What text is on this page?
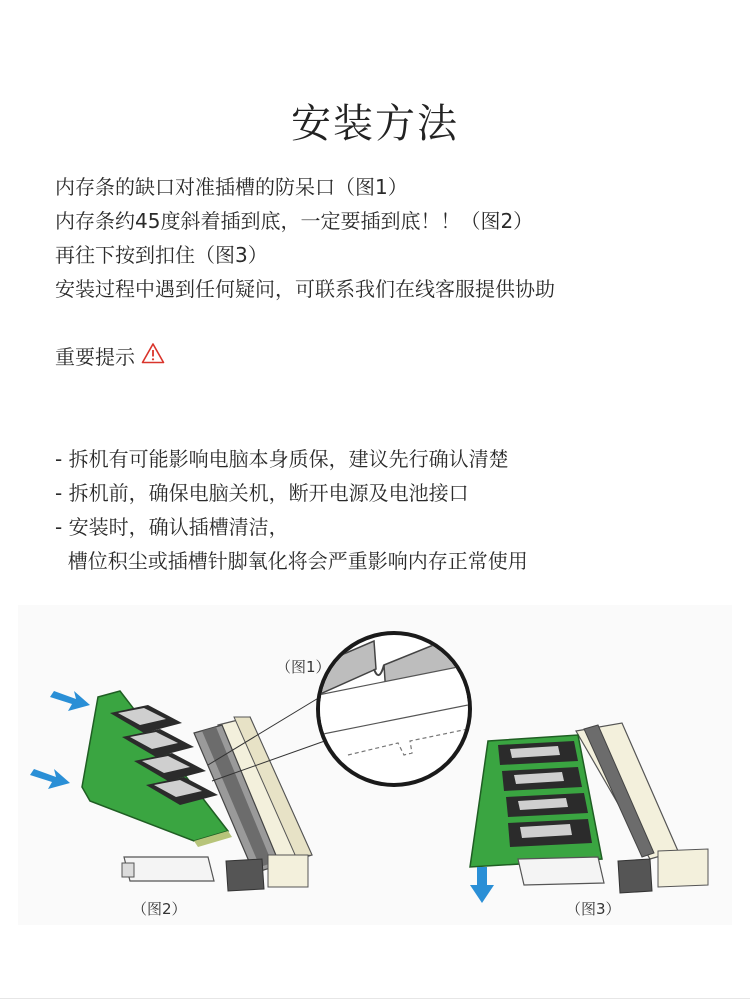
安装方法
内存条的缺口对准插槽的防呆口（图1）
内存条约45度斜着插到底，一定要插到底！！（图2）
再往下按到扣住（图3）
安装过程中遇到任何疑问，可联系我们在线客服提供协助
重要提示
- 拆机有可能影响电脑本身质保，建议先行确认清楚
- 拆机前，确保电脑关机，断开电源及电池接口
- 安装时，确认插槽清洁，
槽位积尘或插槽针脚氧化将会严重影响内存正常使用
（图1）
（图2）	（图3）
